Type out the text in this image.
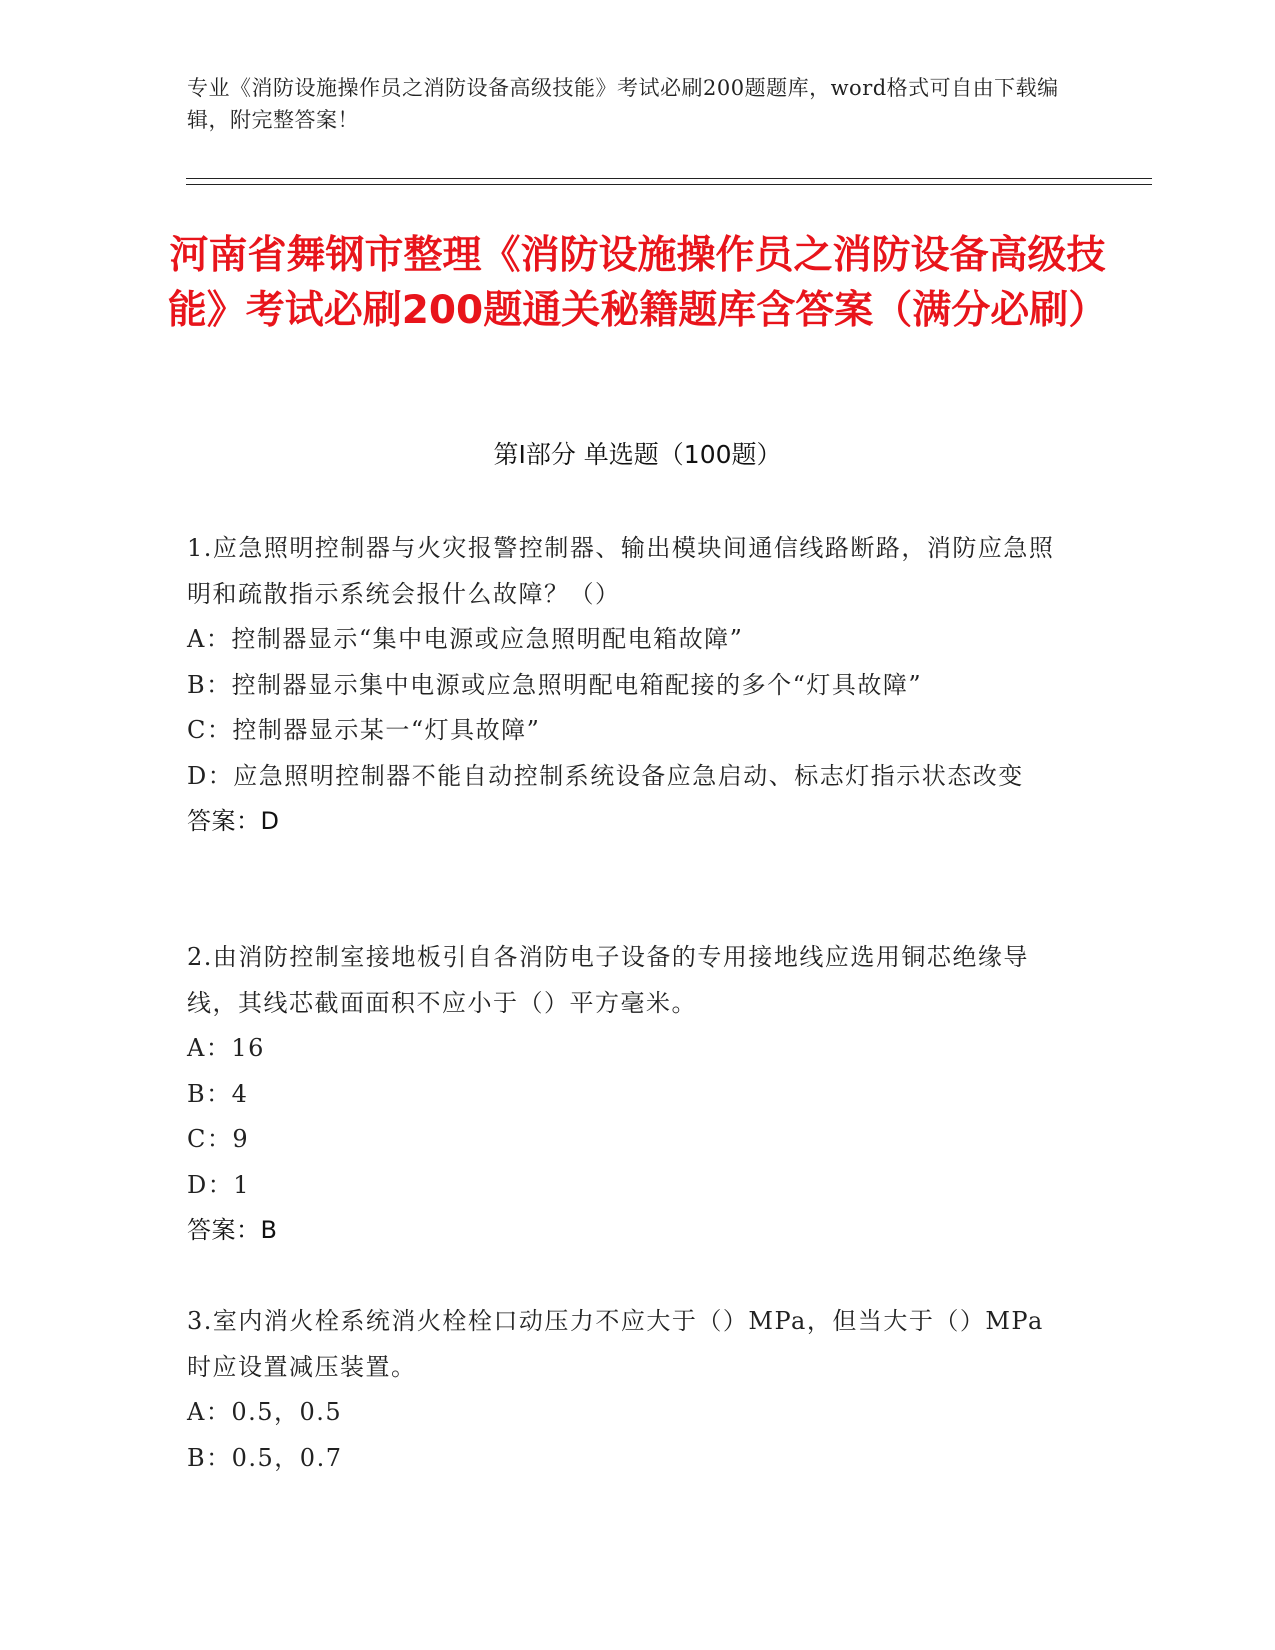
专业《消防设施操作员之消防设备高级技能》考试必刷200题题库，word格式可自由下载编辑，附完整答案！
河南省舞钢市整理《消防设施操作员之消防设备高级技能》考试必刷200题通关秘籍题库含答案（满分必刷）
第Ⅰ部分 单选题（100题）

1.应急照明控制器与火灾报警控制器、输出模块间通信线路断路，消防应急照明和疏散指示系统会报什么故障？（）

A：控制器显示“集中电源或应急照明配电箱故障”

B：控制器显示集中电源或应急照明配电箱配接的多个“灯具故障”

C：控制器显示某一“灯具故障”

D：应急照明控制器不能自动控制系统设备应急启动、标志灯指示状态改变

答案：D

2.由消防控制室接地板引自各消防电子设备的专用接地线应选用铜芯绝缘导线，其线芯截面面积不应小于（）平方毫米。

A：16

B：4

C：9

D：1

答案：B

3.室内消火栓系统消火栓栓口动压力不应大于（）MPa，但当大于（）MPa时应设置减压装置。

A：0.5，0.5

B：0.5，0.7
